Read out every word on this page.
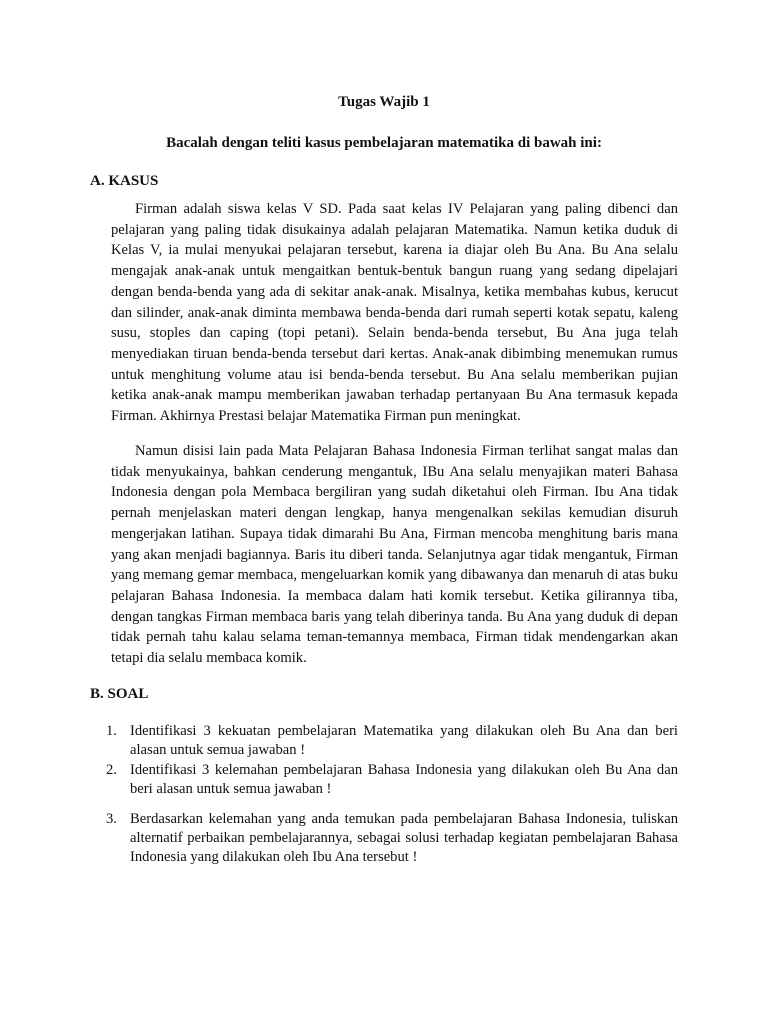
Tugas Wajib 1
Bacalah dengan teliti kasus pembelajaran matematika di bawah ini:
A. KASUS

Firman adalah siswa kelas V SD. Pada saat kelas IV Pelajaran yang paling dibenci dan pelajaran yang paling tidak disukainya adalah pelajaran Matematika. Namun ketika duduk di Kelas V, ia mulai menyukai pelajaran tersebut, karena ia diajar oleh Bu Ana. Bu Ana selalu mengajak anak-anak untuk mengaitkan bentuk-bentuk bangun ruang yang sedang dipelajari dengan benda-benda yang ada di sekitar anak-anak. Misalnya, ketika membahas kubus, kerucut dan silinder, anak-anak diminta membawa benda-benda dari rumah seperti kotak sepatu, kaleng susu, stoples dan caping (topi petani). Selain benda-benda tersebut, Bu Ana juga telah menyediakan tiruan benda-benda tersebut dari kertas. Anak-anak dibimbing menemukan rumus untuk menghitung volume atau isi benda-benda tersebut. Bu Ana selalu memberikan pujian ketika anak-anak mampu memberikan jawaban terhadap pertanyaan Bu Ana termasuk kepada Firman. Akhirnya Prestasi belajar Matematika Firman pun meningkat.

Namun disisi lain pada Mata Pelajaran Bahasa Indonesia Firman terlihat sangat malas dan tidak menyukainya, bahkan cenderung mengantuk, IBu Ana selalu menyajikan materi Bahasa Indonesia dengan pola Membaca bergiliran yang sudah diketahui oleh Firman. Ibu Ana tidak pernah menjelaskan materi dengan lengkap, hanya mengenalkan sekilas kemudian disuruh mengerjakan latihan. Supaya tidak dimarahi Bu Ana, Firman mencoba menghitung baris mana yang akan menjadi bagiannya. Baris itu diberi tanda. Selanjutnya agar tidak mengantuk, Firman yang memang gemar membaca, mengeluarkan komik yang dibawanya dan menaruh di atas buku pelajaran Bahasa Indonesia. Ia membaca dalam hati komik tersebut. Ketika gilirannya tiba, dengan tangkas Firman membaca baris yang telah diberinya tanda. Bu Ana yang duduk di depan tidak pernah tahu kalau selama teman-temannya membaca, Firman tidak mendengarkan akan tetapi dia selalu membaca komik.

B. SOAL
1. Identifikasi 3 kekuatan pembelajaran Matematika yang dilakukan oleh Bu Ana dan beri alasan untuk semua jawaban !
2. Identifikasi 3 kelemahan pembelajaran Bahasa Indonesia yang dilakukan oleh Bu Ana dan beri alasan untuk semua jawaban !
3. Berdasarkan kelemahan yang anda temukan pada pembelajaran Bahasa Indonesia, tuliskan alternatif perbaikan pembelajarannya, sebagai solusi terhadap kegiatan pembelajaran Bahasa Indonesia yang dilakukan oleh Ibu Ana tersebut !
